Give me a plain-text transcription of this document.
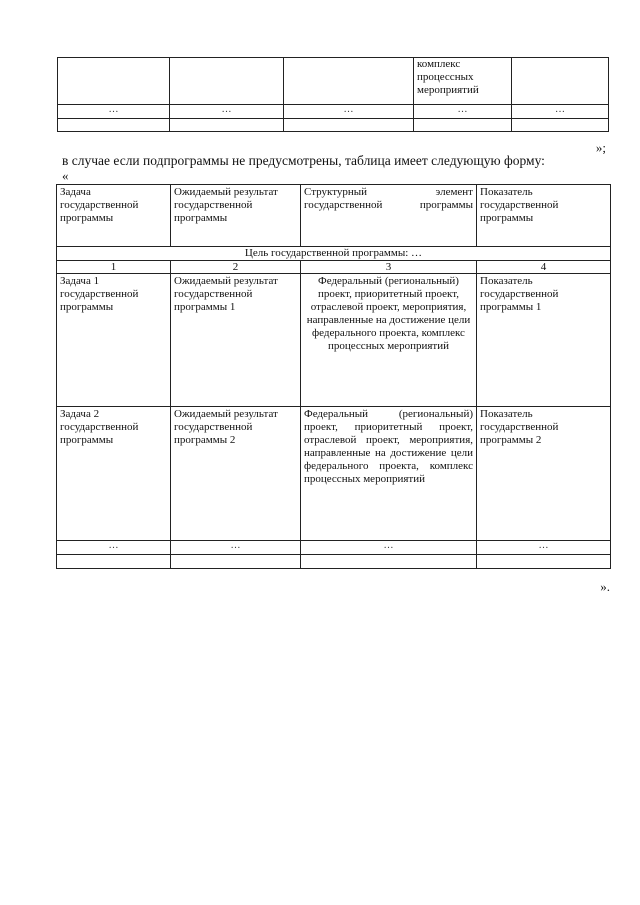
			комплекс процессных мероприятий	
…	…	…	…	…

»;

в случае если подпрограммы не предусмотрены, таблица имеет следующую форму:

«

Задача государственной программы	Ожидаемый результат государственной программы	Структурный элемент государственной программы	Показатель государственной программы
Цель государственной программы: …			
1	2	3	4
Задача 1 государственной программы	Ожидаемый результат государственной программы 1	Федеральный (региональный) проект, приоритетный проект, отраслевой проект, мероприятия, направленные на достижение цели федерального проекта, комплекс процессных мероприятий	Показатель государственной программы 1
Задача 2 государственной программы	Ожидаемый результат государственной программы 2	Федеральный (региональный) проект, приоритетный проект, отраслевой проект, мероприятия, направленные на достижение цели федерального проекта, комплекс процессных мероприятий	Показатель государственной программы 2
…	…	…	…

».
